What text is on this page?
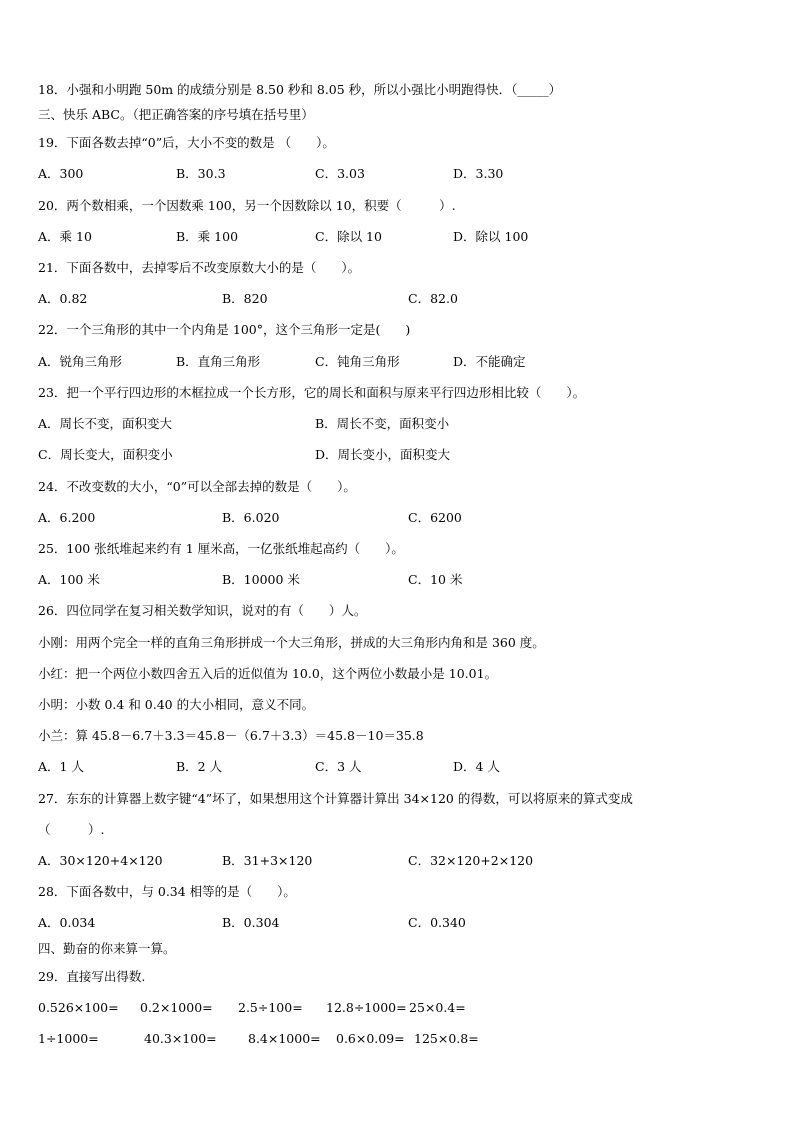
18．小强和小明跑 50m 的成绩分别是 8.50 秒和 8.05 秒，所以小强比小明跑得快．（_____）
三、快乐 ABC。（把正确答案的序号填在括号里）
19．下面各数去掉“0”后，大小不变的数是 （　　）。
A．300	B．30.3	C．3.03	D．3.30
20．两个数相乘，一个因数乘 100，另一个因数除以 10，积要（　　　）.
A．乘 10	B．乘 100	C．除以 10	D．除以 100
21．下面各数中，去掉零后不改变原数大小的是（　　）。
A．0.82	B．820	C．82.0
22．一个三角形的其中一个内角是 100°，这个三角形一定是(　　)
A．锐角三角形	B．直角三角形	C．钝角三角形	D．不能确定
23．把一个平行四边形的木框拉成一个长方形，它的周长和面积与原来平行四边形相比较（　　）。
A．周长不变，面积变大	B．周长不变，面积变小
C．周长变大，面积变小	D．周长变小，面积变大
24．不改变数的大小，“0”可以全部去掉的数是（　　）。
A．6.200	B．6.020	C．6200
25．100 张纸堆起来约有 1 厘米高，一亿张纸堆起高约（　　）。
A．100 米	B．10000 米	C．10 米
26．四位同学在复习相关数学知识，说对的有（　　）人。
小刚：用两个完全一样的直角三角形拼成一个大三角形，拼成的大三角形内角和是 360 度。
小红：把一个两位小数四舍五入后的近似值为 10.0，这个两位小数最小是 10.01。
小明：小数 0.4 和 0.40 的大小相同，意义不同。
小兰：算 45.8－6.7＋3.3＝45.8－（6.7＋3.3）＝45.8－10＝35.8
A．1 人	B．2 人	C．3 人	D．4 人
27．东东的计算器上数字键“4”坏了，如果想用这个计算器计算出 34×120 的得数，可以将原来的算式变成
（　　　）.
A．30×120+4×120	B．31+3×120	C．32×120+2×120
28．下面各数中，与 0.34 相等的是（　　）。
A．0.034	B．0.304	C．0.340
四、勤奋的你来算一算。
29．直接写出得数.
0.526×100= 0.2×1000= 2.5÷100= 12.8÷1000= 25×0.4=
1÷1000=	40.3×100=	8.4×1000= 0.6×0.09= 125×0.8=
